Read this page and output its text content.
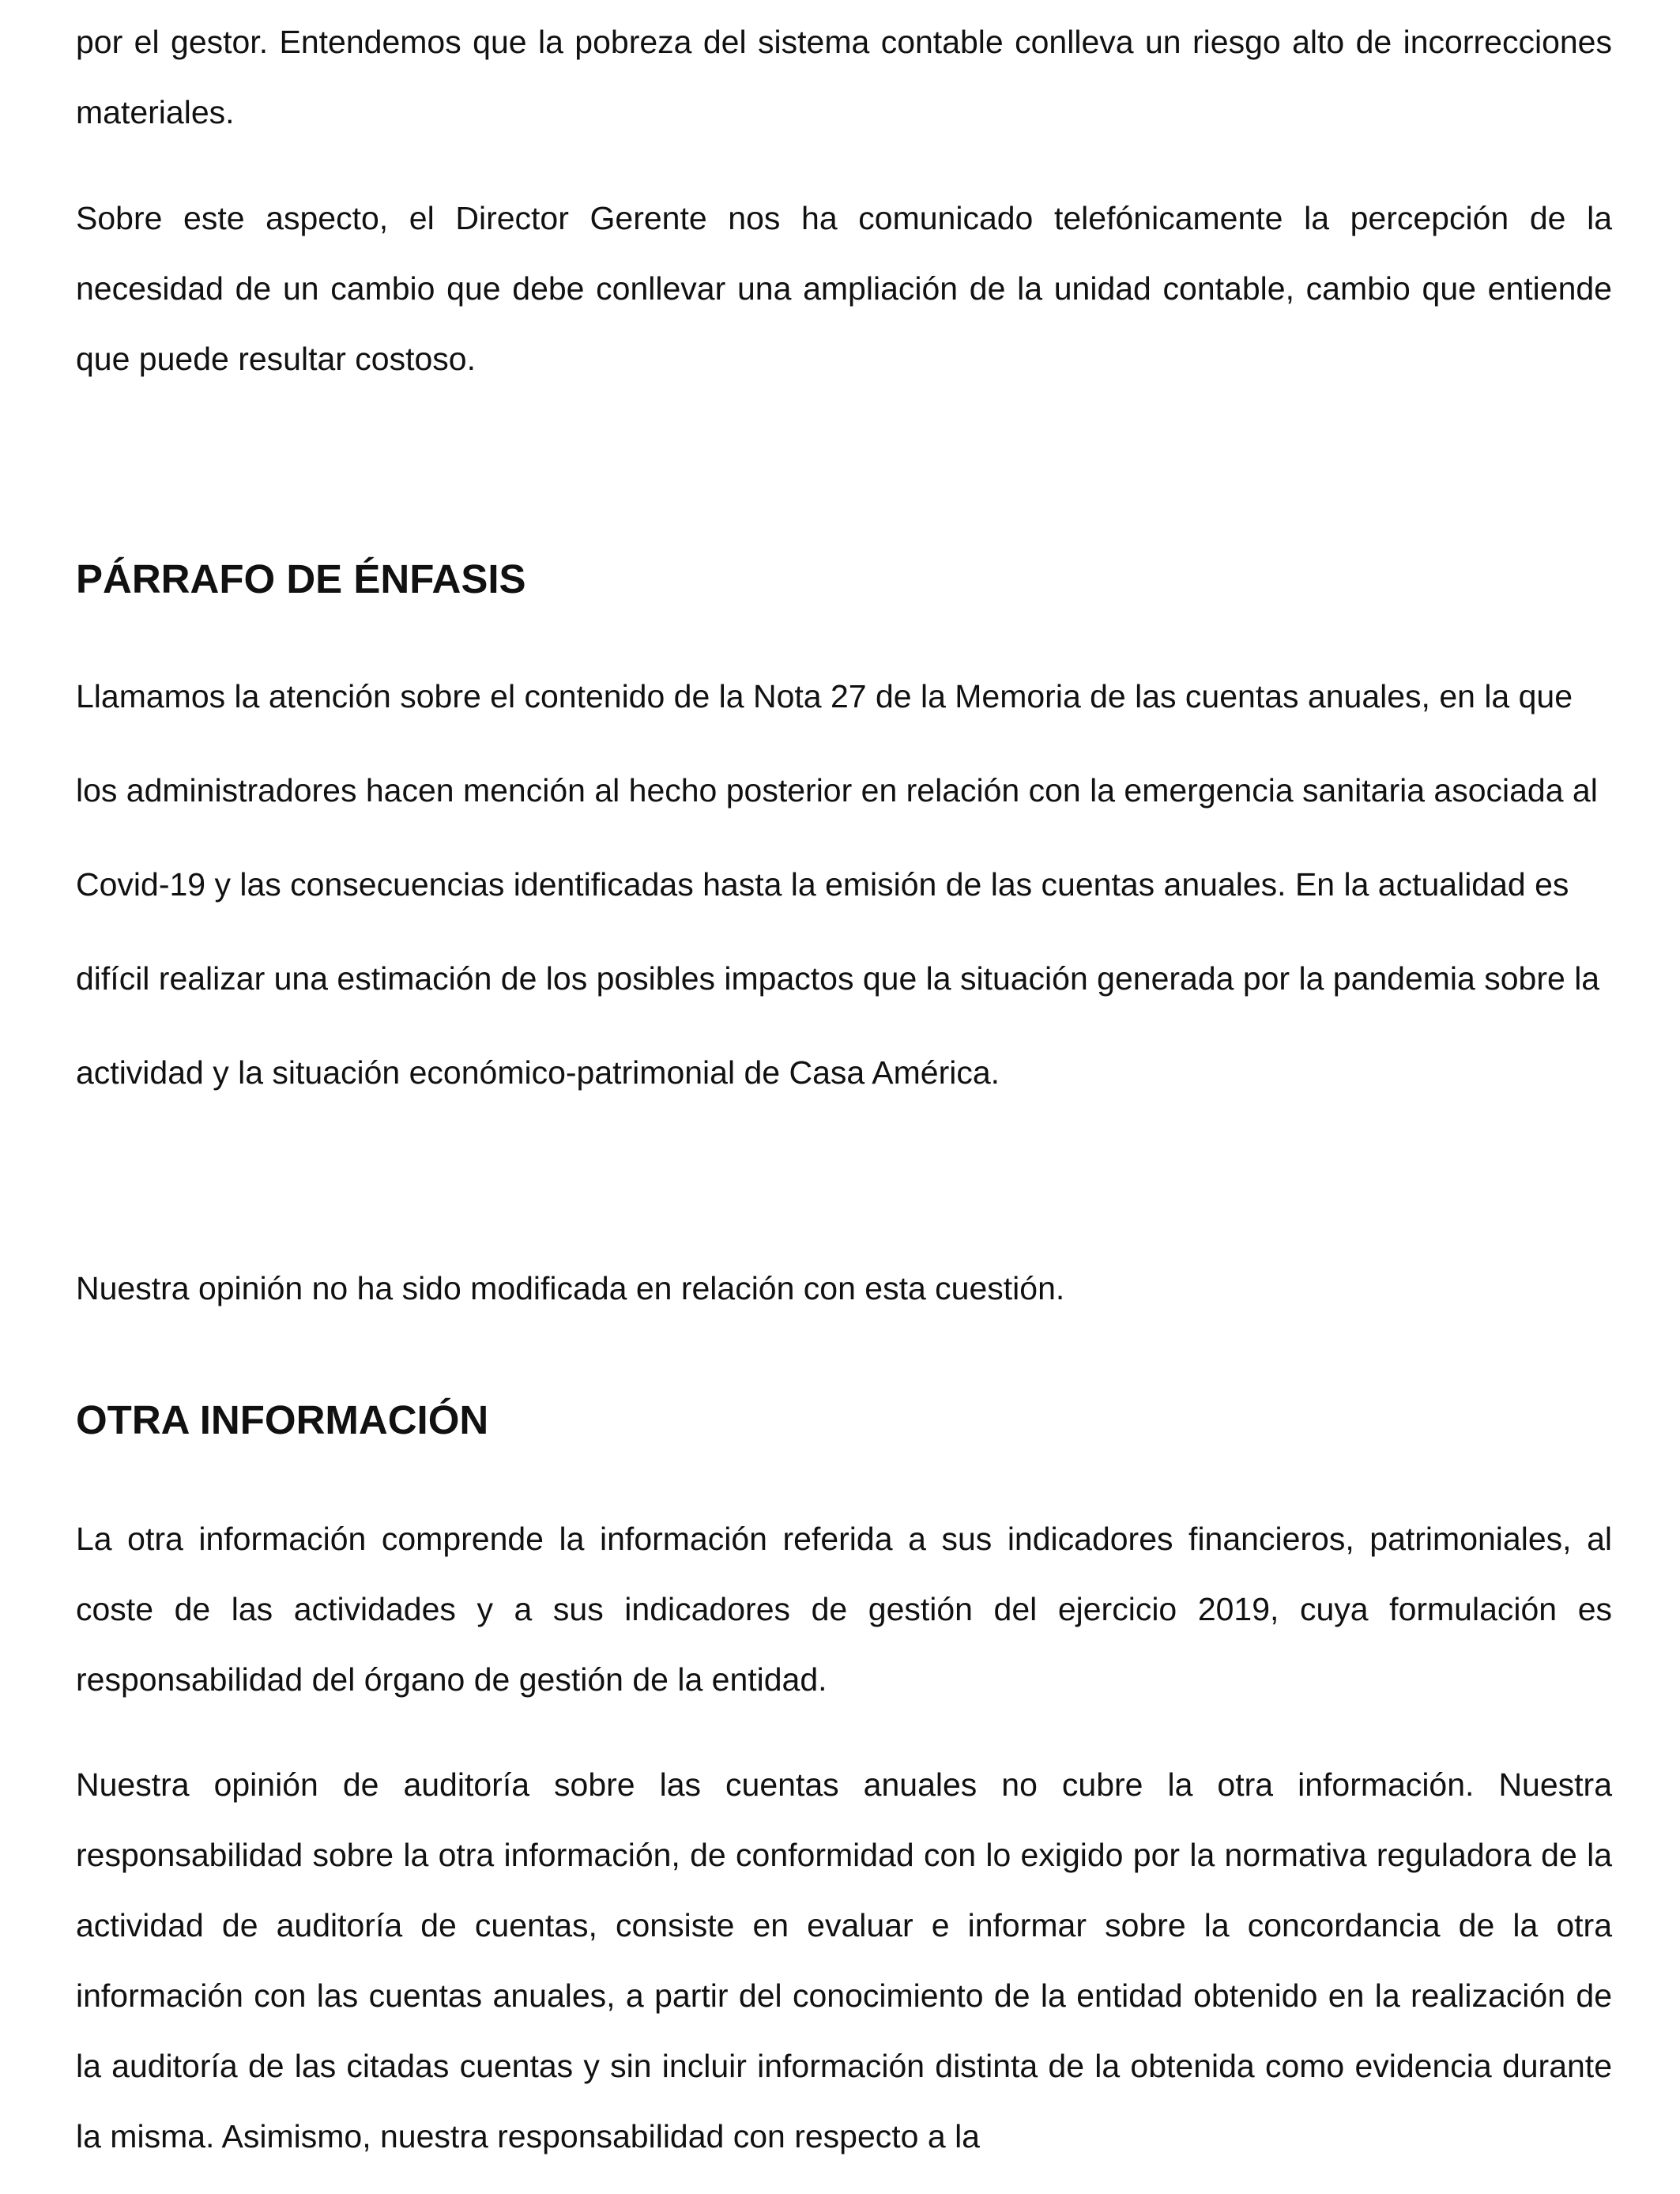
por el gestor. Entendemos que la pobreza del sistema contable conlleva un riesgo alto de incorrecciones materiales.

Sobre este aspecto, el Director Gerente nos ha comunicado telefónicamente la percepción de la necesidad de un cambio que debe conllevar una ampliación de la unidad contable, cambio que entiende que puede resultar costoso.

PÁRRAFO DE ÉNFASIS

Llamamos la atención sobre el contenido de la Nota 27 de la Memoria de las cuentas anuales, en la que los administradores hacen mención al hecho posterior en relación con la emergencia sanitaria asociada al Covid-19 y las consecuencias identificadas hasta la emisión de las cuentas anuales. En la actualidad es difícil realizar una estimación de los posibles impactos que la situación generada por la pandemia sobre la actividad y la situación económico-patrimonial de Casa América.

Nuestra opinión no ha sido modificada en relación con esta cuestión.

OTRA INFORMACIÓN

La otra información comprende la información referida a sus indicadores financieros, patrimoniales, al coste de las actividades y a sus indicadores de gestión del ejercicio 2019, cuya formulación es responsabilidad del órgano de gestión de la entidad.

Nuestra opinión de auditoría sobre las cuentas anuales no cubre la otra información. Nuestra responsabilidad sobre la otra información, de conformidad con lo exigido por la normativa reguladora de la actividad de auditoría de cuentas, consiste en evaluar e informar sobre la concordancia de la otra información con las cuentas anuales, a partir del conocimiento de la entidad obtenido en la realización de la auditoría de las citadas cuentas y sin incluir información distinta de la obtenida como evidencia durante la misma. Asimismo, nuestra responsabilidad con respecto a la
